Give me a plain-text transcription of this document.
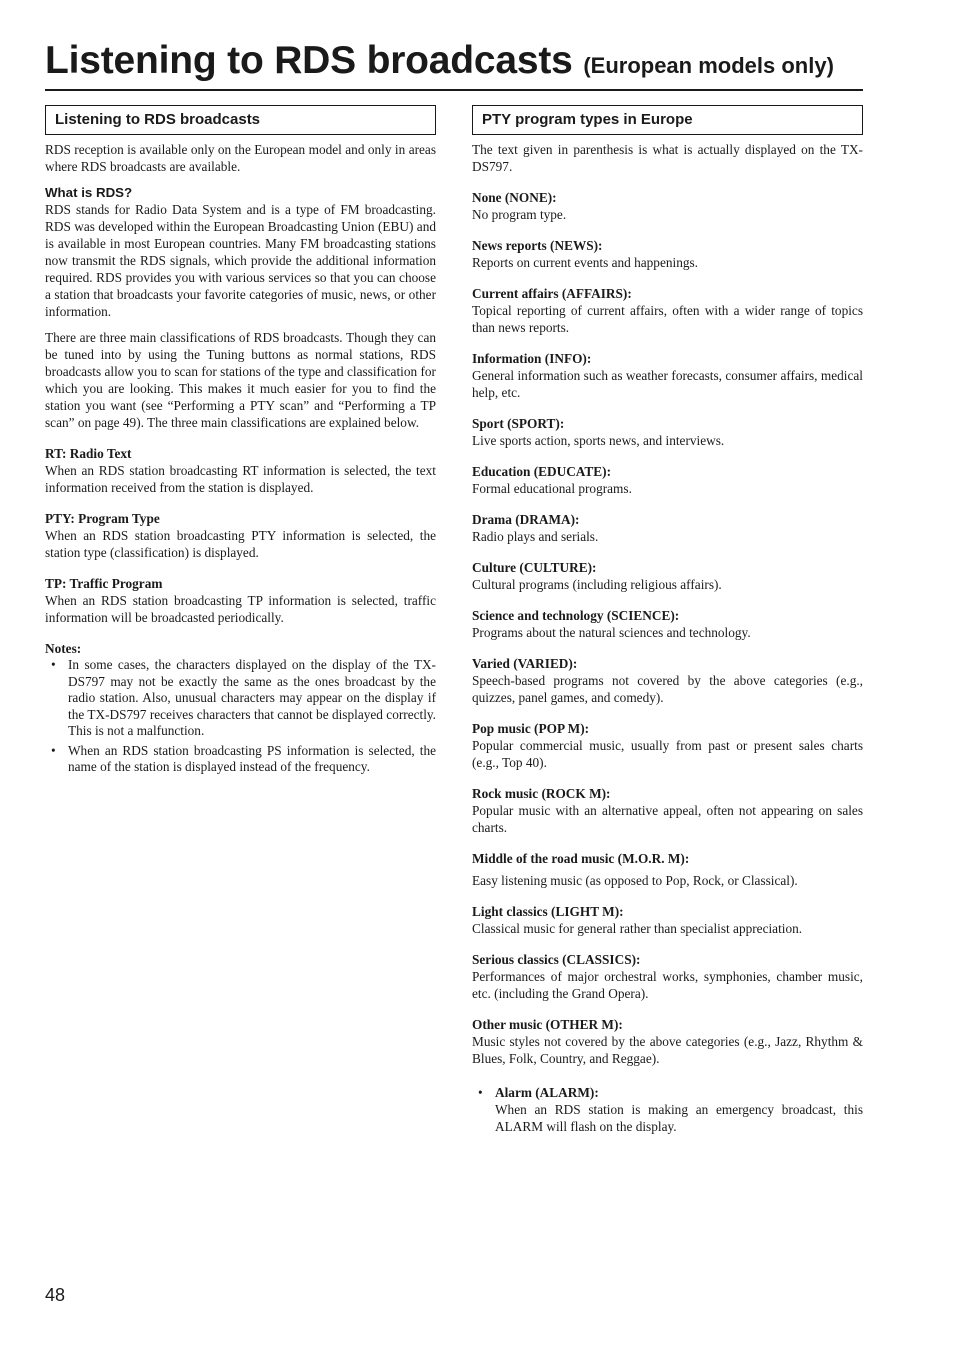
Listening to RDS broadcasts (European models only)
Listening to RDS broadcasts

RDS reception is available only on the European model and only in areas where RDS broadcasts are available.

What is RDS?

RDS stands for Radio Data System and is a type of FM broadcasting. RDS was developed within the European Broadcasting Union (EBU) and is available in most European countries. Many FM broadcasting stations now transmit the RDS signals, which provide the additional information required. RDS provides you with various services so that you can choose a station that broadcasts your favorite categories of music, news, or other information.

There are three main classifications of RDS broadcasts. Though they can be tuned into by using the Tuning buttons as normal stations, RDS broadcasts allow you to scan for stations of the type and classification for which you are looking. This makes it much easier for you to find the station you want (see “Performing a PTY scan” and “Performing a TP scan” on page 49). The three main classifications are explained below.

RT: Radio Text

When an RDS station broadcasting RT information is selected, the text information received from the station is displayed.

PTY: Program Type

When an RDS station broadcasting PTY information is selected, the station type (classification) is displayed.

TP: Traffic Program

When an RDS station broadcasting TP information is selected, traffic information will be broadcasted periodically.

Notes:
• In some cases, the characters displayed on the display of the TX-DS797 may not be exactly the same as the ones broadcast by the radio station. Also, unusual characters may appear on the display if the TX-DS797 receives characters that cannot be displayed correctly. This is not a malfunction.
• When an RDS station broadcasting PS information is selected, the name of the station is displayed instead of the frequency.
PTY program types in Europe

The text given in parenthesis is what is actually displayed on the TX-DS797.

None (NONE):

No program type.

News reports (NEWS):

Reports on current events and happenings.

Current affairs (AFFAIRS):

Topical reporting of current affairs, often with a wider range of topics than news reports.

Information (INFO):

General information such as weather forecasts, consumer affairs, medical help, etc.

Sport (SPORT):

Live sports action, sports news, and interviews.

Education (EDUCATE):

Formal educational programs.

Drama (DRAMA):

Radio plays and serials.

Culture (CULTURE):

Cultural programs (including religious affairs).

Science and technology (SCIENCE):

Programs about the natural sciences and technology.

Varied (VARIED):

Speech-based programs not covered by the above categories (e.g., quizzes, panel games, and comedy).

Pop music (POP M):

Popular commercial music, usually from past or present sales charts (e.g., Top 40).

Rock music (ROCK M):

Popular music with an alternative appeal, often not appearing on sales charts.

Middle of the road music (M.O.R. M):

Easy listening music (as opposed to Pop, Rock, or Classical).

Light classics (LIGHT M):

Classical music for general rather than specialist appreciation.

Serious classics (CLASSICS):

Performances of major orchestral works, symphonies, chamber music, etc. (including the Grand Opera).

Other music (OTHER M):

Music styles not covered by the above categories (e.g., Jazz, Rhythm & Blues, Folk, Country, and Reggae).

• Alarm (ALARM):

When an RDS station is making an emergency broadcast, this ALARM will flash on the display.

48
